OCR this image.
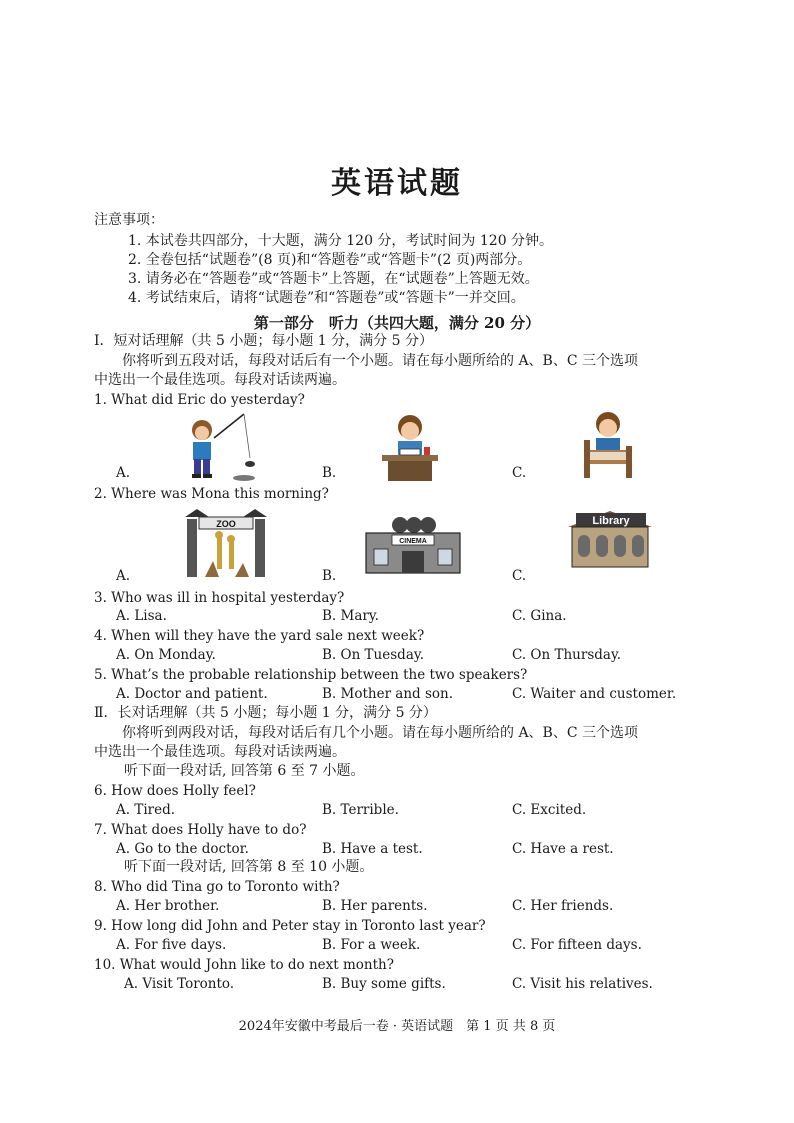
英语试题
注意事项：
1. 本试卷共四部分，十大题，满分 120 分，考试时间为 120 分钟。
2. 全卷包括“试题卷”(8 页)和“答题卷”或“答题卡”(2 页)两部分。
3. 请务必在“答题卷”或“答题卡”上答题，在“试题卷”上答题无效。
4. 考试结束后，请将“试题卷”和“答题卷”或“答题卡”一并交回。
第一部分　听力（共四大题，满分 20 分）
Ⅰ．短对话理解（共 5 小题；每小题 1 分，满分 5 分）
你将听到五段对话，每段对话后有一个小题。请在每小题所给的 A、B、C 三个选项
中选出一个最佳选项。每段对话读两遍。
1. What did Eric do yesterday?
A.	B.	C.
2. Where was Mona this morning?
A.	B.	C.
ZOO
CINEMA
Library
3. Who was ill in hospital yesterday?
A. Lisa.	B. Mary.	C. Gina.
4. When will they have the yard sale next week?
A. On Monday.	B. On Tuesday.	C. On Thursday.
5. What’s the probable relationship between the two speakers?
A. Doctor and patient.	B. Mother and son.	C. Waiter and customer.
Ⅱ．长对话理解（共 5 小题；每小题 1 分，满分 5 分）
你将听到两段对话，每段对话后有几个小题。请在每小题所给的 A、B、C 三个选项
中选出一个最佳选项。每段对话读两遍。
听下面一段对话, 回答第 6 至 7 小题。
6. How does Holly feel?
A. Tired.	B. Terrible.	C. Excited.
7. What does Holly have to do?
A. Go to the doctor.	B. Have a test.	C. Have a rest.
听下面一段对话, 回答第 8 至 10 小题。
8. Who did Tina go to Toronto with?
A. Her brother.	B. Her parents.	C. Her friends.
9. How long did John and Peter stay in Toronto last year?
A. For five days.	B. For a week.	C. For fifteen days.
10. What would John like to do next month?
A. Visit Toronto.	B. Buy some gifts.	C. Visit his relatives.
2024年安徽中考最后一卷 · 英语试题　第 1 页 共 8 页
